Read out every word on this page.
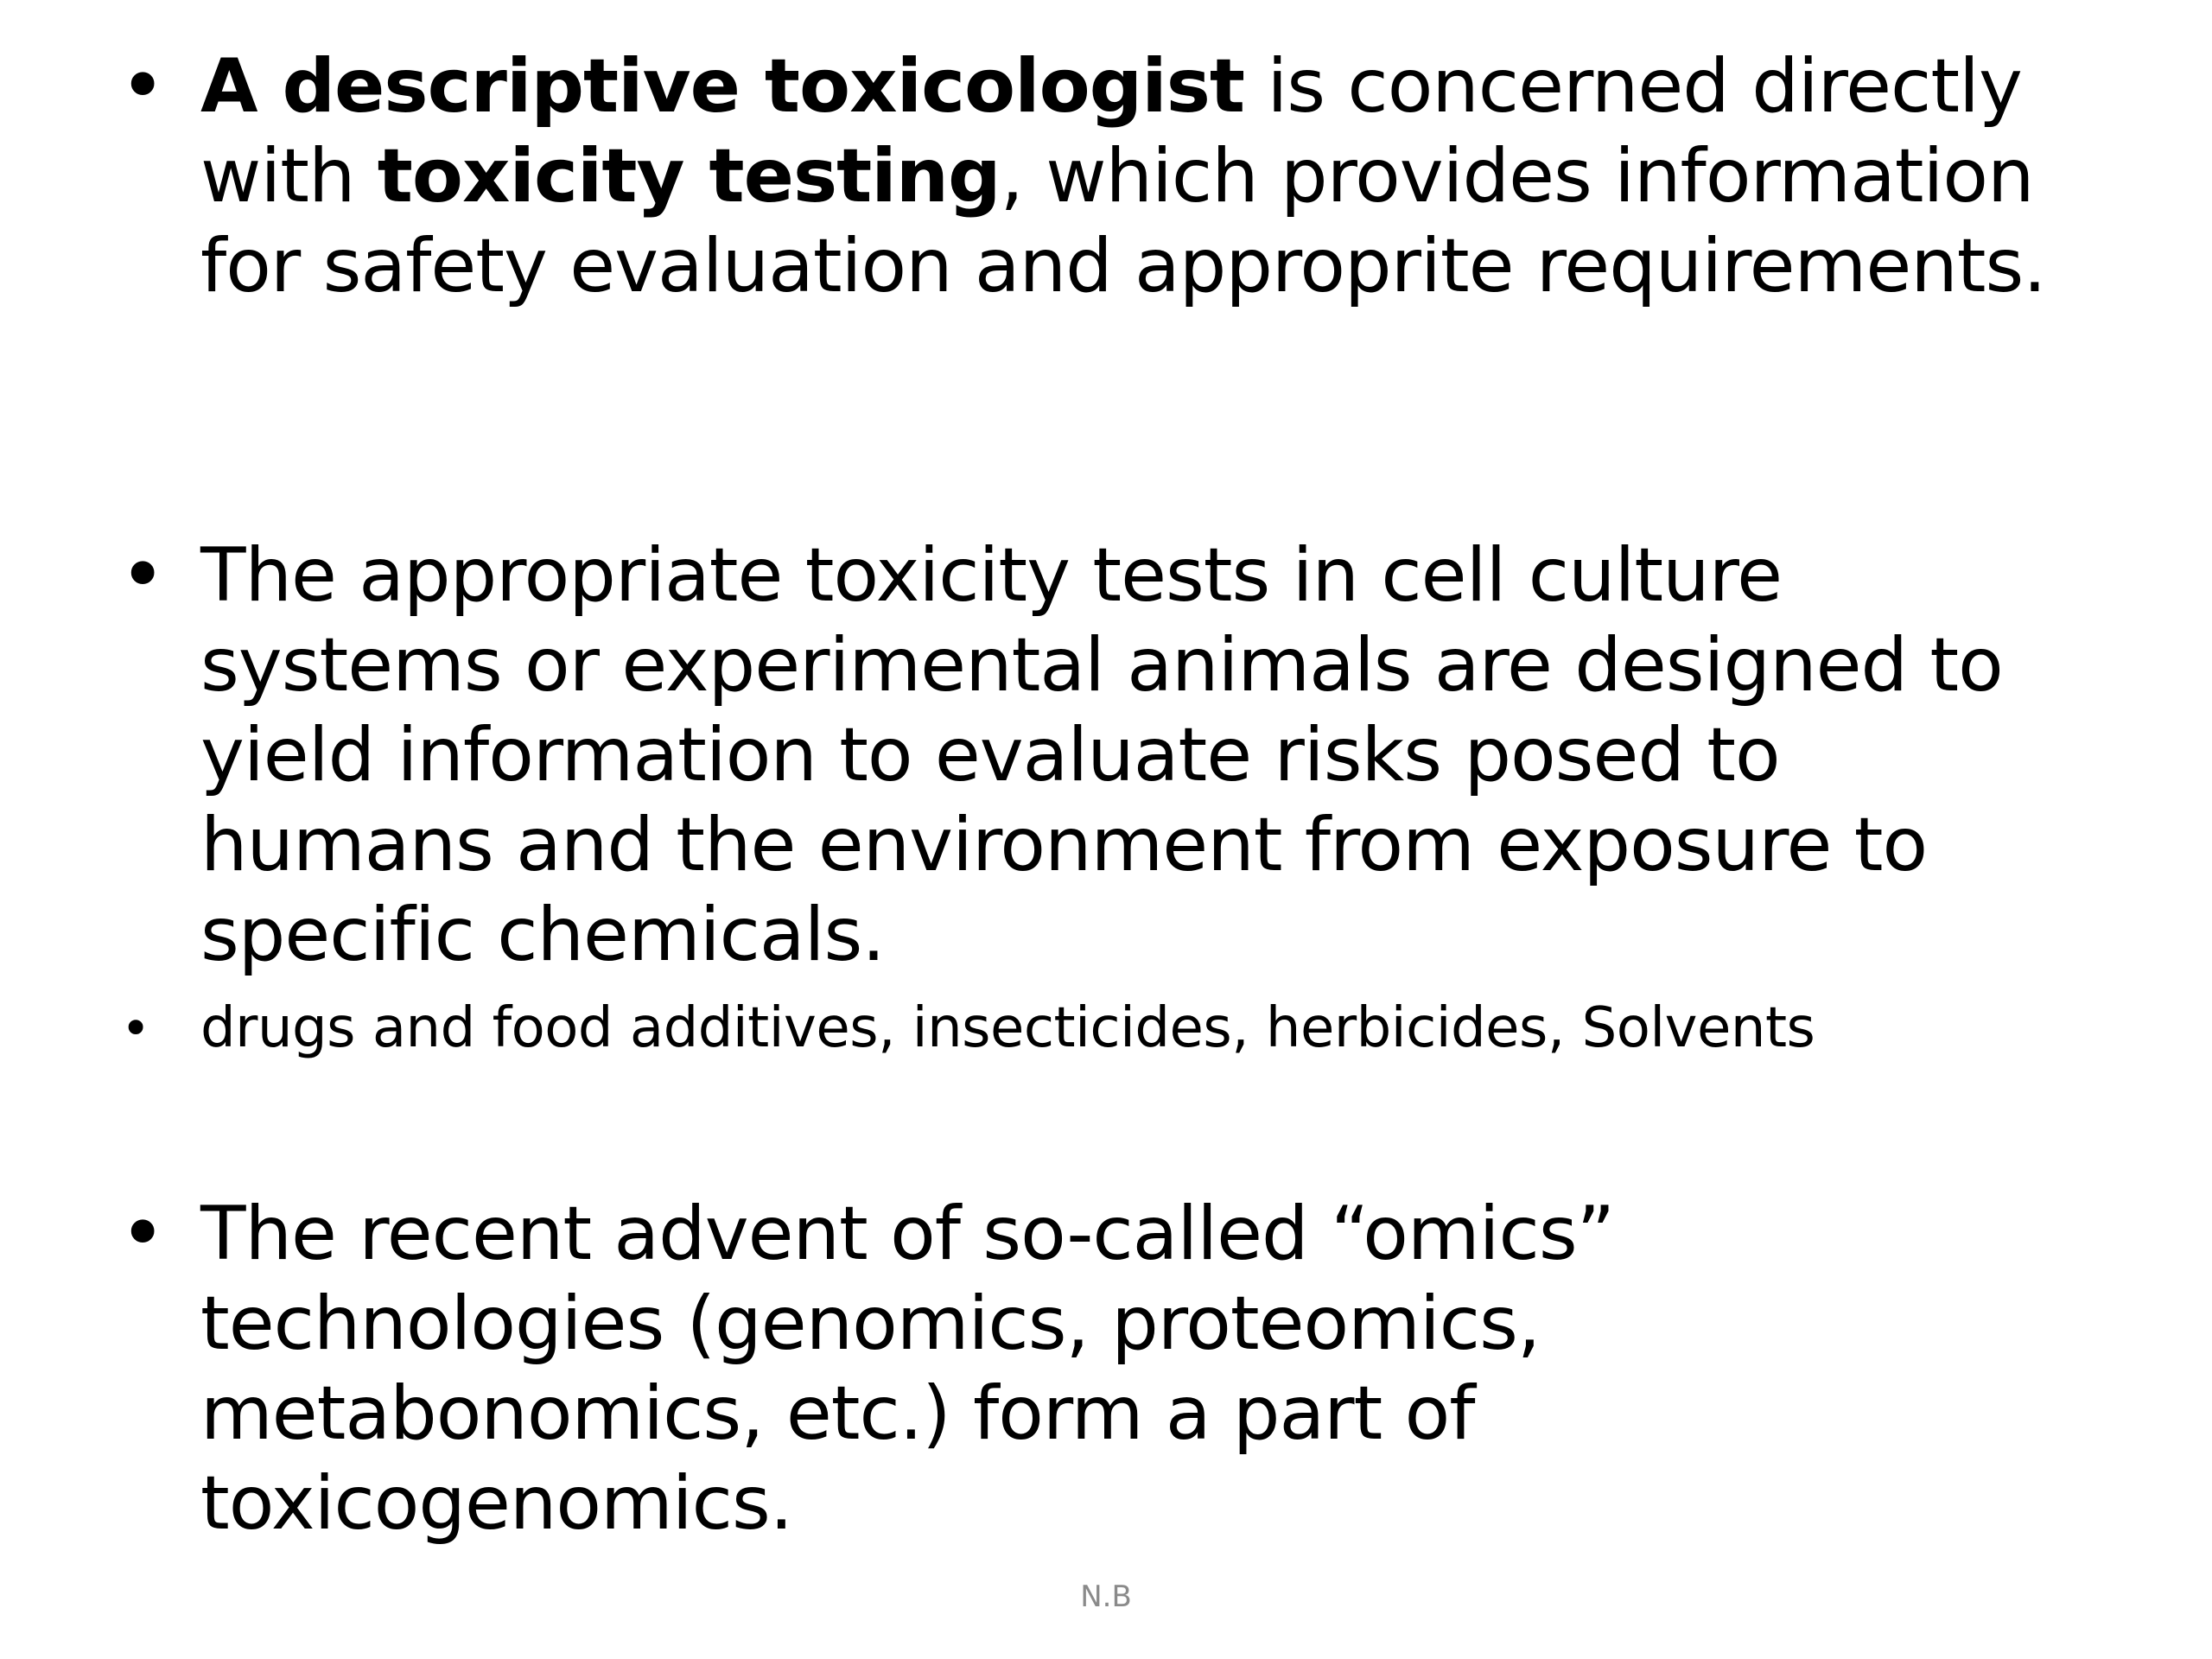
• A descriptive toxicologist is concerned directly with toxicity testing, which provides information for safety evaluation and approprite requirements.
• The appropriate toxicity tests in cell culture systems or experimental animals are designed to yield information to evaluate risks posed to humans and the environment from exposure to specific chemicals.
• drugs and food additives, insecticides, herbicides, Solvents
• The recent advent of so-called “omics” technologies (genomics, proteomics, metabonomics, etc.) form a part of toxicogenomics.
N.B
